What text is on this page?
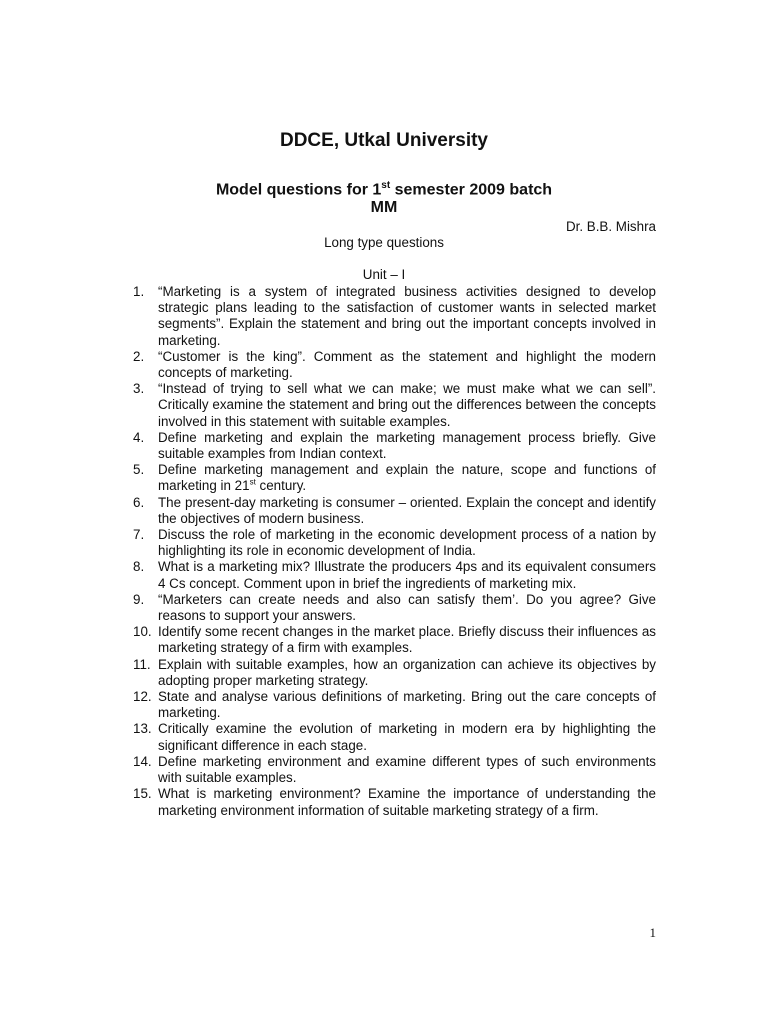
DDCE, Utkal University
Model questions for 1st semester 2009 batch
MM
Dr. B.B. Mishra
Long type questions
Unit – I
1. “Marketing is a system of integrated business activities designed to develop strategic plans leading to the satisfaction of customer wants in selected market segments”. Explain the statement and bring out the important concepts involved in marketing.
2. “Customer is the king”. Comment as the statement and highlight the modern concepts of marketing.
3. “Instead of trying to sell what we can make; we must make what we can sell”. Critically examine the statement and bring out the differences between the concepts involved in this statement with suitable examples.
4. Define marketing and explain the marketing management process briefly. Give suitable examples from Indian context.
5. Define marketing management and explain the nature, scope and functions of marketing in 21st century.
6. The present-day marketing is consumer – oriented. Explain the concept and identify the objectives of modern business.
7. Discuss the role of marketing in the economic development process of a nation by highlighting its role in economic development of India.
8. What is a marketing mix? Illustrate the producers 4ps and its equivalent consumers 4 Cs concept. Comment upon in brief the ingredients of marketing mix.
9. “Marketers can create needs and also can satisfy them’. Do you agree? Give reasons to support your answers.
10. Identify some recent changes in the market place. Briefly discuss their influences as marketing strategy of a firm with examples.
11. Explain with suitable examples, how an organization can achieve its objectives by adopting proper marketing strategy.
12. State and analyse various definitions of marketing. Bring out the care concepts of marketing.
13. Critically examine the evolution of marketing in modern era by highlighting the significant difference in each stage.
14. Define marketing environment and examine different types of such environments with suitable examples.
15. What is marketing environment? Examine the importance of understanding the marketing environment information of suitable marketing strategy of a firm.
1
